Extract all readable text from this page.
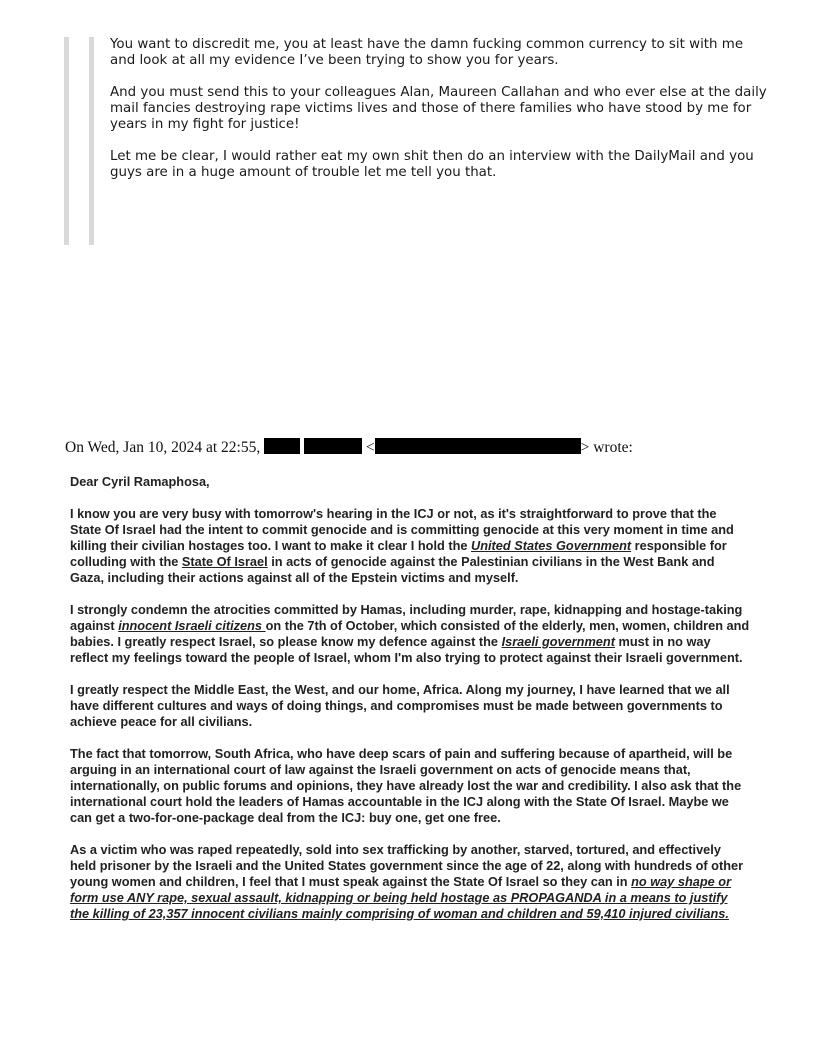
You want to discredit me, you at least have the damn fucking common currency to sit with me and look at all my evidence I’ve been trying to show you for years.

And you must send this to your colleagues Alan, Maureen Callahan and who ever else at the daily mail fancies destroying rape victims lives and those of there families who have stood by me for years in my fight for justice!

Let me be clear, I would rather eat my own shit then do an interview with the DailyMail and you guys are in a huge amount of trouble let me tell you that.

On Wed, Jan 10, 2024 at 22:55,	<	> wrote:

Dear Cyril Ramaphosa,

I know you are very busy with tomorrow's hearing in the ICJ or not, as it's straightforward to prove that the State Of Israel had the intent to commit genocide and is committing genocide at this very moment in time and killing their civilian hostages too. I want to make it clear I hold the United States Government responsible for colluding with the State Of Israel in acts of genocide against the Palestinian civilians in the West Bank and Gaza, including their actions against all of the Epstein victims and myself.

I strongly condemn the atrocities committed by Hamas, including murder, rape, kidnapping and hostage-taking against innocent Israeli citizens on the 7th of October, which consisted of the elderly, men, women, children and babies. I greatly respect Israel, so please know my defence against the Israeli government must in no way reflect my feelings toward the people of Israel, whom I'm also trying to protect against their Israeli government.

I greatly respect the Middle East, the West, and our home, Africa. Along my journey, I have learned that we all have different cultures and ways of doing things, and compromises must be made between governments to achieve peace for all civilians.

The fact that tomorrow, South Africa, who have deep scars of pain and suffering because of apartheid, will be arguing in an international court of law against the Israeli government on acts of genocide means that, internationally, on public forums and opinions, they have already lost the war and credibility. I also ask that the international court hold the leaders of Hamas accountable in the ICJ along with the State Of Israel. Maybe we can get a two-for-one-package deal from the ICJ: buy one, get one free.

As a victim who was raped repeatedly, sold into sex trafficking by another, starved, tortured, and effectively held prisoner by the Israeli and the United States government since the age of 22, along with hundreds of other young women and children, I feel that I must speak against the State Of Israel so they can in no way shape or form use ANY rape, sexual assault, kidnapping or being held hostage as PROPAGANDA in a means to justify the killing of 23,357 innocent civilians mainly comprising of woman and children and 59,410 injured civilians.
